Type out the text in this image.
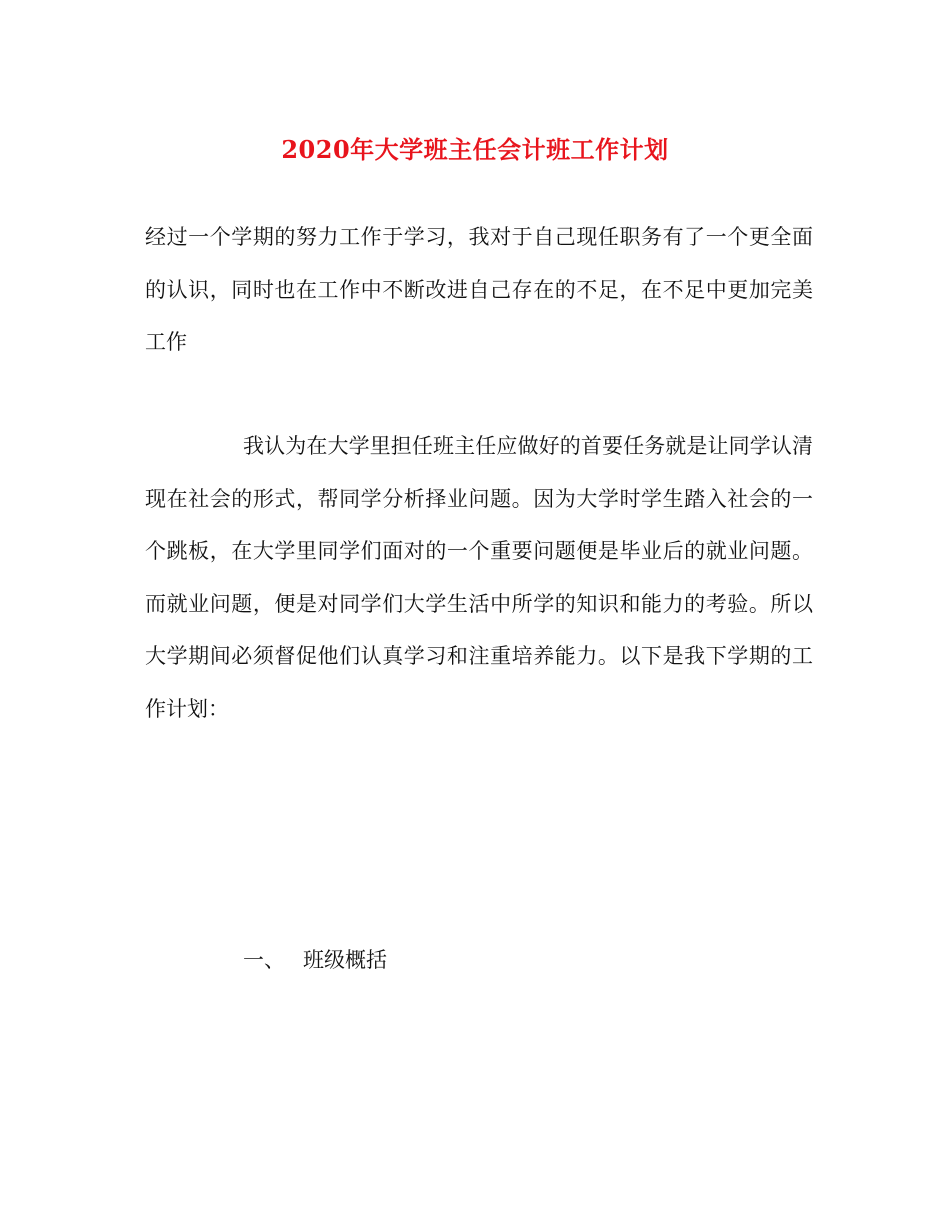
2020年大学班主任会计班工作计划

经过一个学期的努力工作于学习，我对于自己现任职务有了一个更全面的认识，同时也在工作中不断改进自己存在的不足，在不足中更加完美工作

我认为在大学里担任班主任应做好的首要任务就是让同学认清现在社会的形式，帮同学分析择业问题。因为大学时学生踏入社会的一个跳板，在大学里同学们面对的一个重要问题便是毕业后的就业问题。而就业问题，便是对同学们大学生活中所学的知识和能力的考验。所以大学期间必须督促他们认真学习和注重培养能力。以下是我下学期的工作计划：

一、 班级概括
